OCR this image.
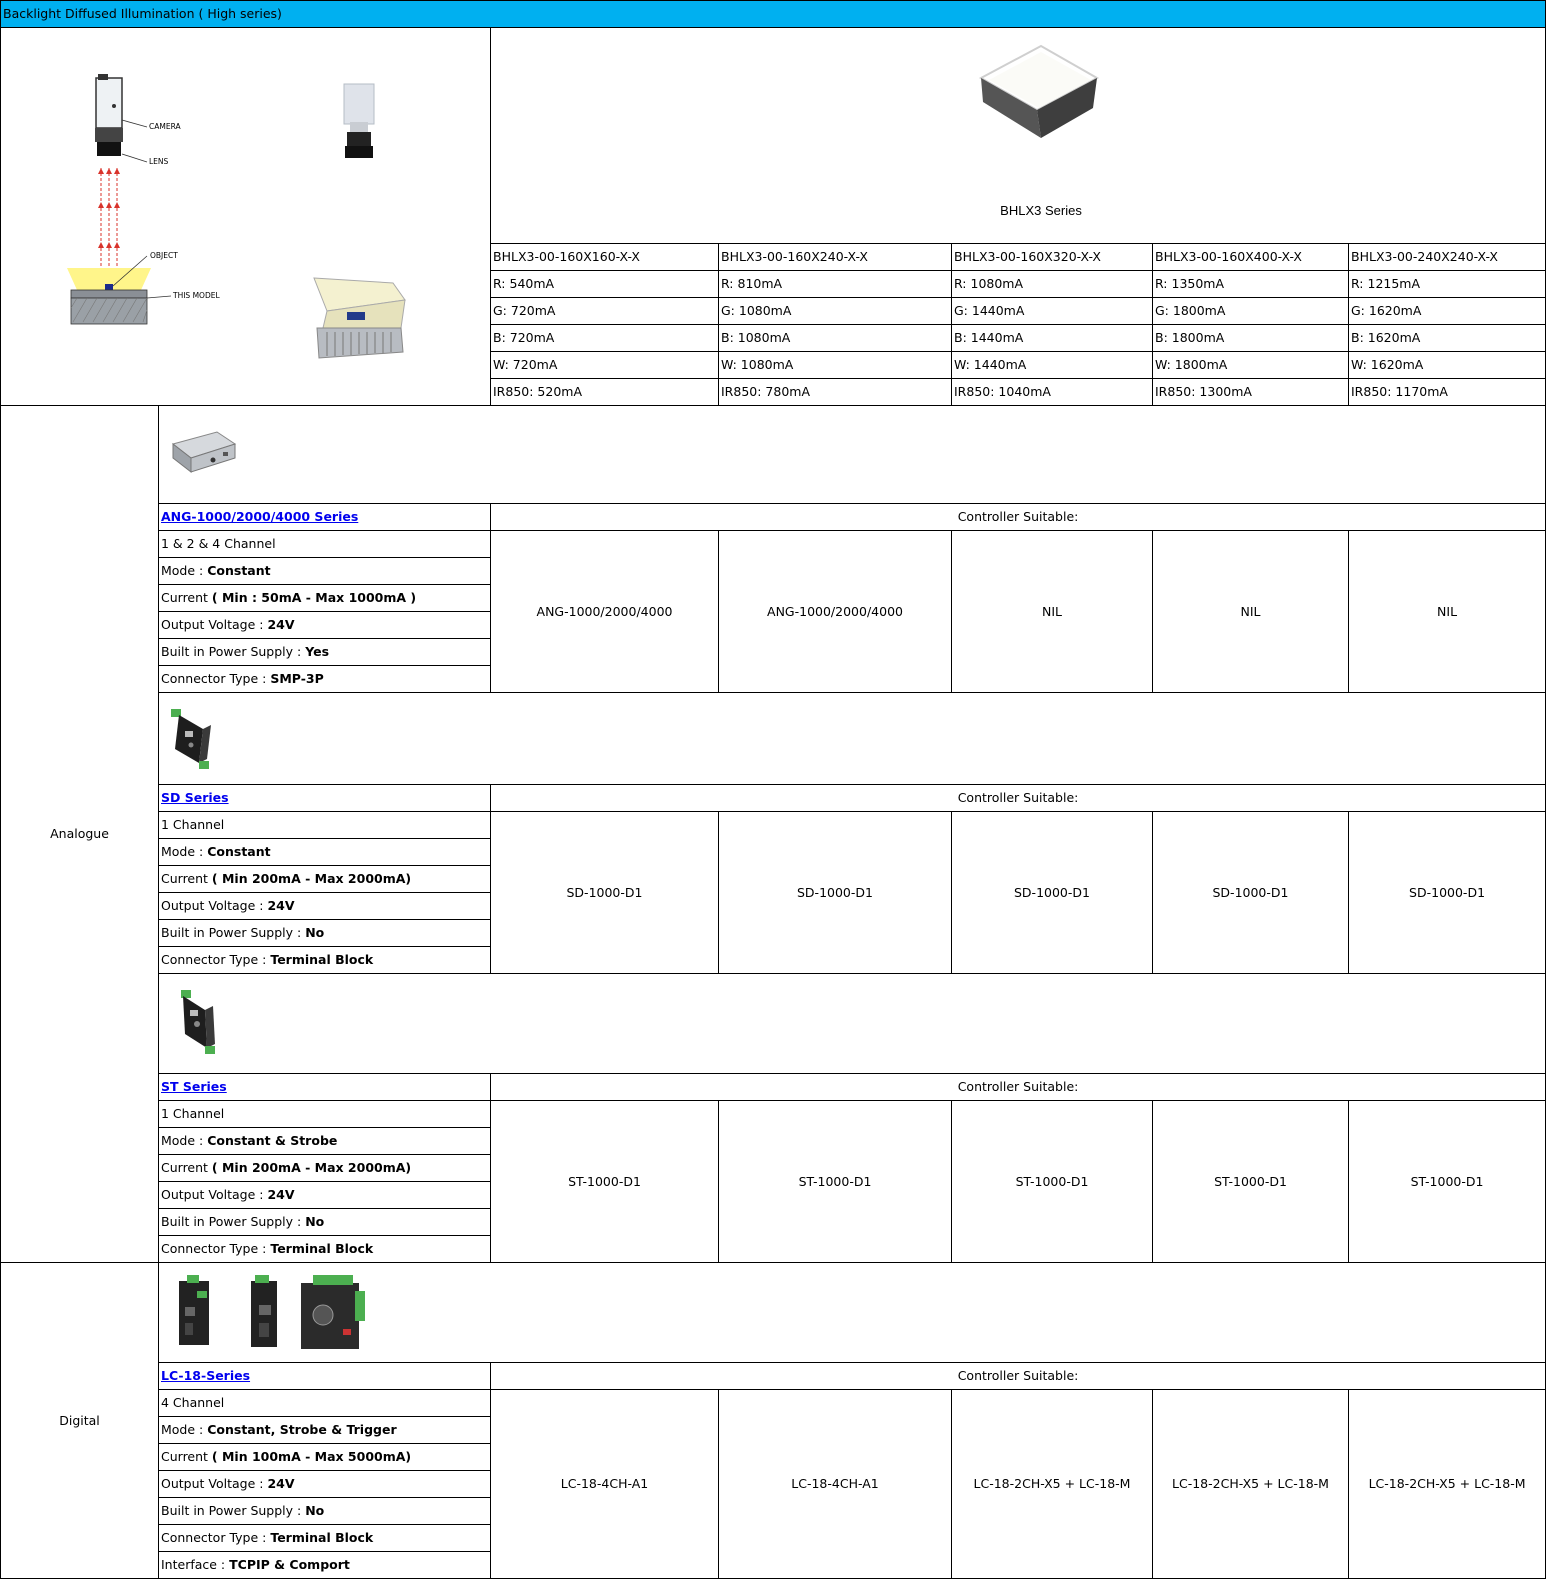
Backlight Diffused Illumination ( High series)						

CAMERA
LENS
OBJECT
THIS MODEL		BHLX3 Series				

		BHLX3-00-160X160-X-X	BHLX3-00-160X240-X-X	BHLX3-00-160X320-X-X	BHLX3-00-160X400-X-X	BHLX3-00-240X240-X-X
		R: 540mA	R: 810mA	R: 1080mA	R: 1350mA	R: 1215mA
		G: 720mA	G: 1080mA	G: 1440mA	G: 1800mA	G: 1620mA
		B: 720mA	B: 1080mA	B: 1440mA	B: 1800mA	B: 1620mA
		W: 720mA	W: 1080mA	W: 1440mA	W: 1800mA	W: 1620mA
		IR850: 520mA	IR850: 780mA	IR850: 1040mA	IR850: 1300mA	IR850: 1170mA
Analogue	
	ANG-1000/2000/4000 Series	Controller Suitable:				
	1 & 2 & 4 Channel	ANG-1000/2000/4000	ANG-1000/2000/4000	NIL	NIL	NIL
	Mode : Constant					
	Current ( Min : 50mA - Max 1000mA )					
	Output Voltage : 24V					
	Built in Power Supply : Yes					
	Connector Type : SMP-3P					

	SD Series	Controller Suitable:				
	1 Channel	SD-1000-D1	SD-1000-D1	SD-1000-D1	SD-1000-D1	SD-1000-D1
	Mode : Constant					
	Current ( Min 200mA - Max 2000mA)					
	Output Voltage : 24V					
	Built in Power Supply : No					
	Connector Type : Terminal Block					

	ST Series	Controller Suitable:				
	1 Channel	ST-1000-D1	ST-1000-D1	ST-1000-D1	ST-1000-D1	ST-1000-D1
	Mode : Constant & Strobe					
	Current ( Min 200mA - Max 2000mA)					
	Output Voltage : 24V					
	Built in Power Supply : No					
	Connector Type : Terminal Block					
Digital	
	LC-18-Series	Controller Suitable:				
	4 Channel	LC-18-4CH-A1	LC-18-4CH-A1	LC-18-2CH-X5 + LC-18-M	LC-18-2CH-X5 + LC-18-M	LC-18-2CH-X5 + LC-18-M
	Mode : Constant, Strobe & Trigger					
	Current ( Min 100mA - Max 5000mA)					
	Output Voltage : 24V					
	Built in Power Supply : No					
	Connector Type : Terminal Block					
	Interface : TCPIP & Comport					
